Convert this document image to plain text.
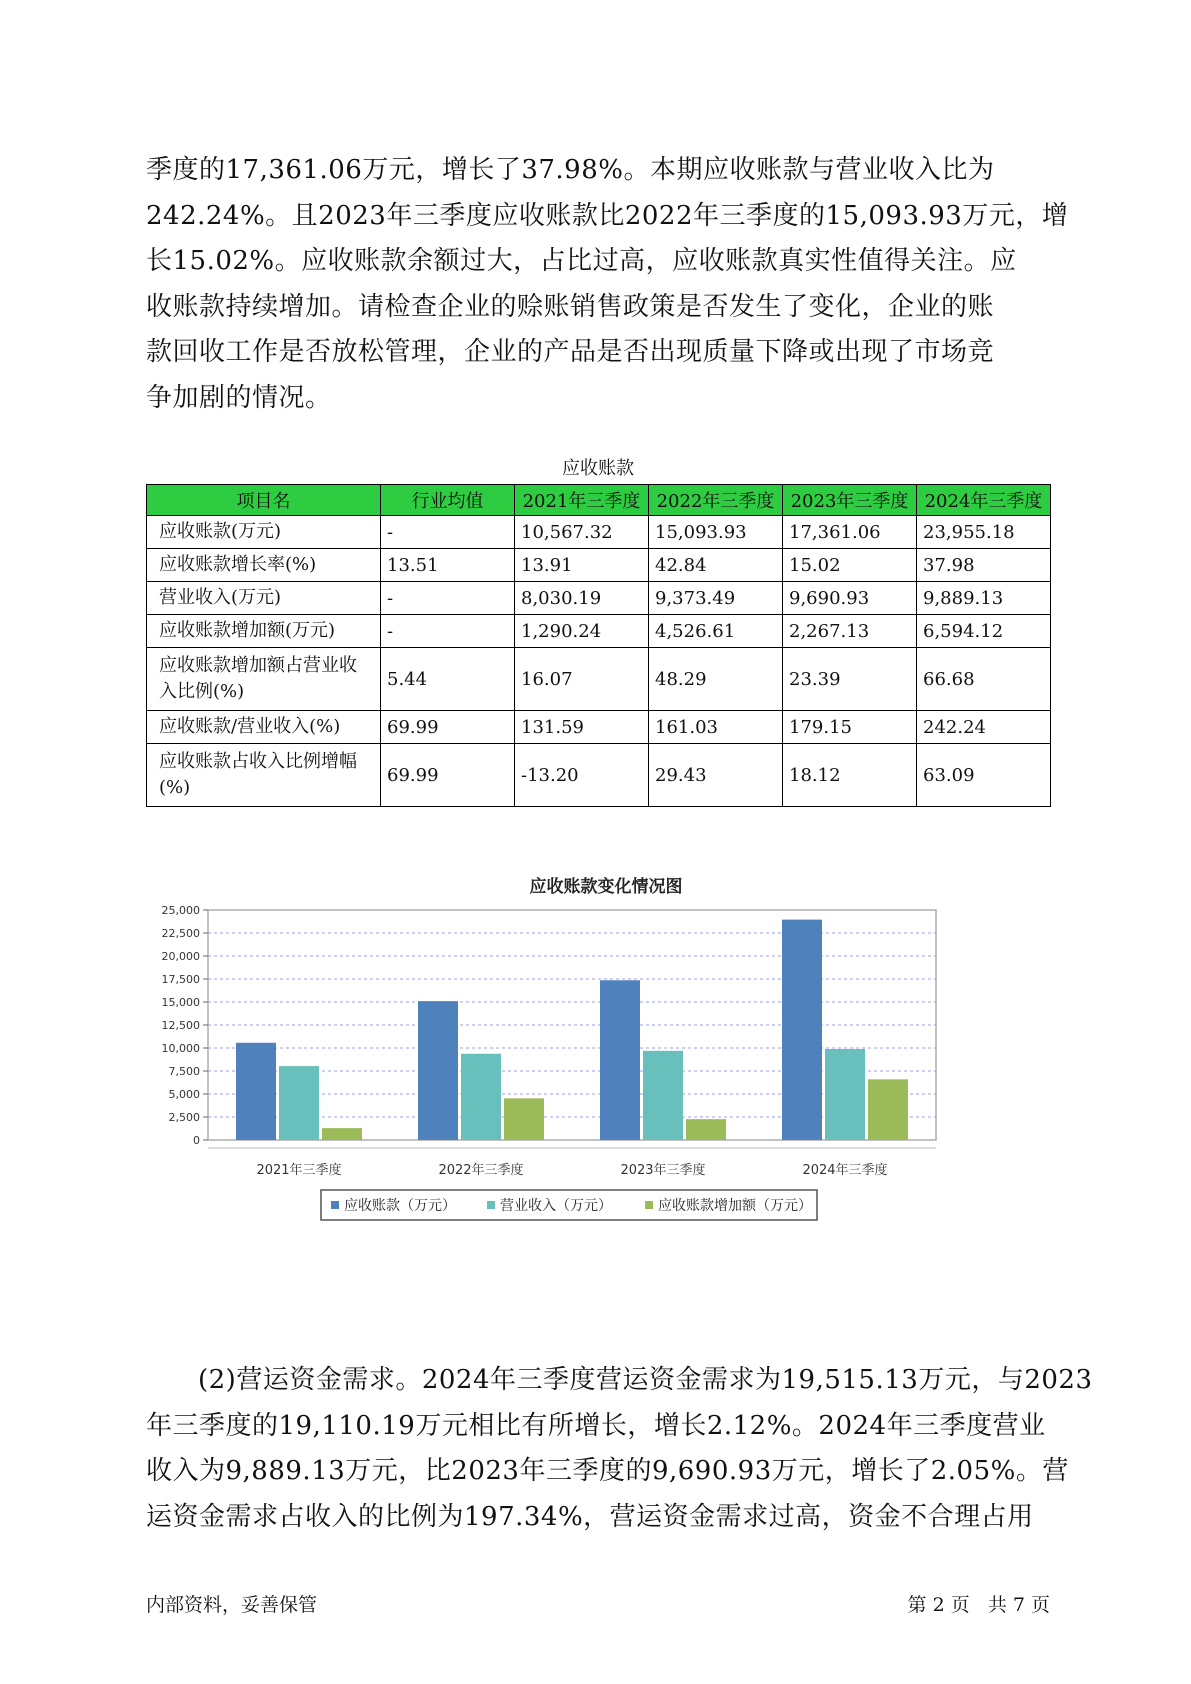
季度的17,361.06万元，增长了37.98%。本期应收账款与营业收入比为
242.24%。且2023年三季度应收账款比2022年三季度的15,093.93万元，增
长15.02%。应收账款余额过大，占比过高，应收账款真实性值得关注。应
收账款持续增加。请检查企业的赊账销售政策是否发生了变化，企业的账
款回收工作是否放松管理，企业的产品是否出现质量下降或出现了市场竞
争加剧的情况。
应收账款
项目名	行业均值	2021年三季度	2022年三季度	2023年三季度	2024年三季度
应收账款(万元)	-	10,567.32	15,093.93	17,361.06	23,955.18
应收账款增长率(%)	13.51	13.91	42.84	15.02	37.98
营业收入(万元)	-	8,030.19	9,373.49	9,690.93	9,889.13
应收账款增加额(万元)	-	1,290.24	4,526.61	2,267.13	6,594.12
应收账款增加额占营业收入比例(%)	5.44	16.07	48.29	23.39	66.68
应收账款/营业收入(%)	69.99	131.59	161.03	179.15	242.24
应收账款占收入比例增幅(%)	69.99	-13.20	29.43	18.12	63.09
应收账款变化情况图
0
2,500
5,000
7,500
10,000
12,500
15,000
17,500
20,000
22,500
25,000
2021年三季度	2022年三季度	2023年三季度	2024年三季度
应收账款（万元）	营业收入（万元）	应收账款增加额（万元）
(2)营运资金需求。2024年三季度营运资金需求为19,515.13万元，与2023
年三季度的19,110.19万元相比有所增长，增长2.12%。2024年三季度营业
收入为9,889.13万元，比2023年三季度的9,690.93万元，增长了2.05%。营
运资金需求占收入的比例为197.34%，营运资金需求过高，资金不合理占用
内部资料，妥善保管	第 2 页   共 7 页
